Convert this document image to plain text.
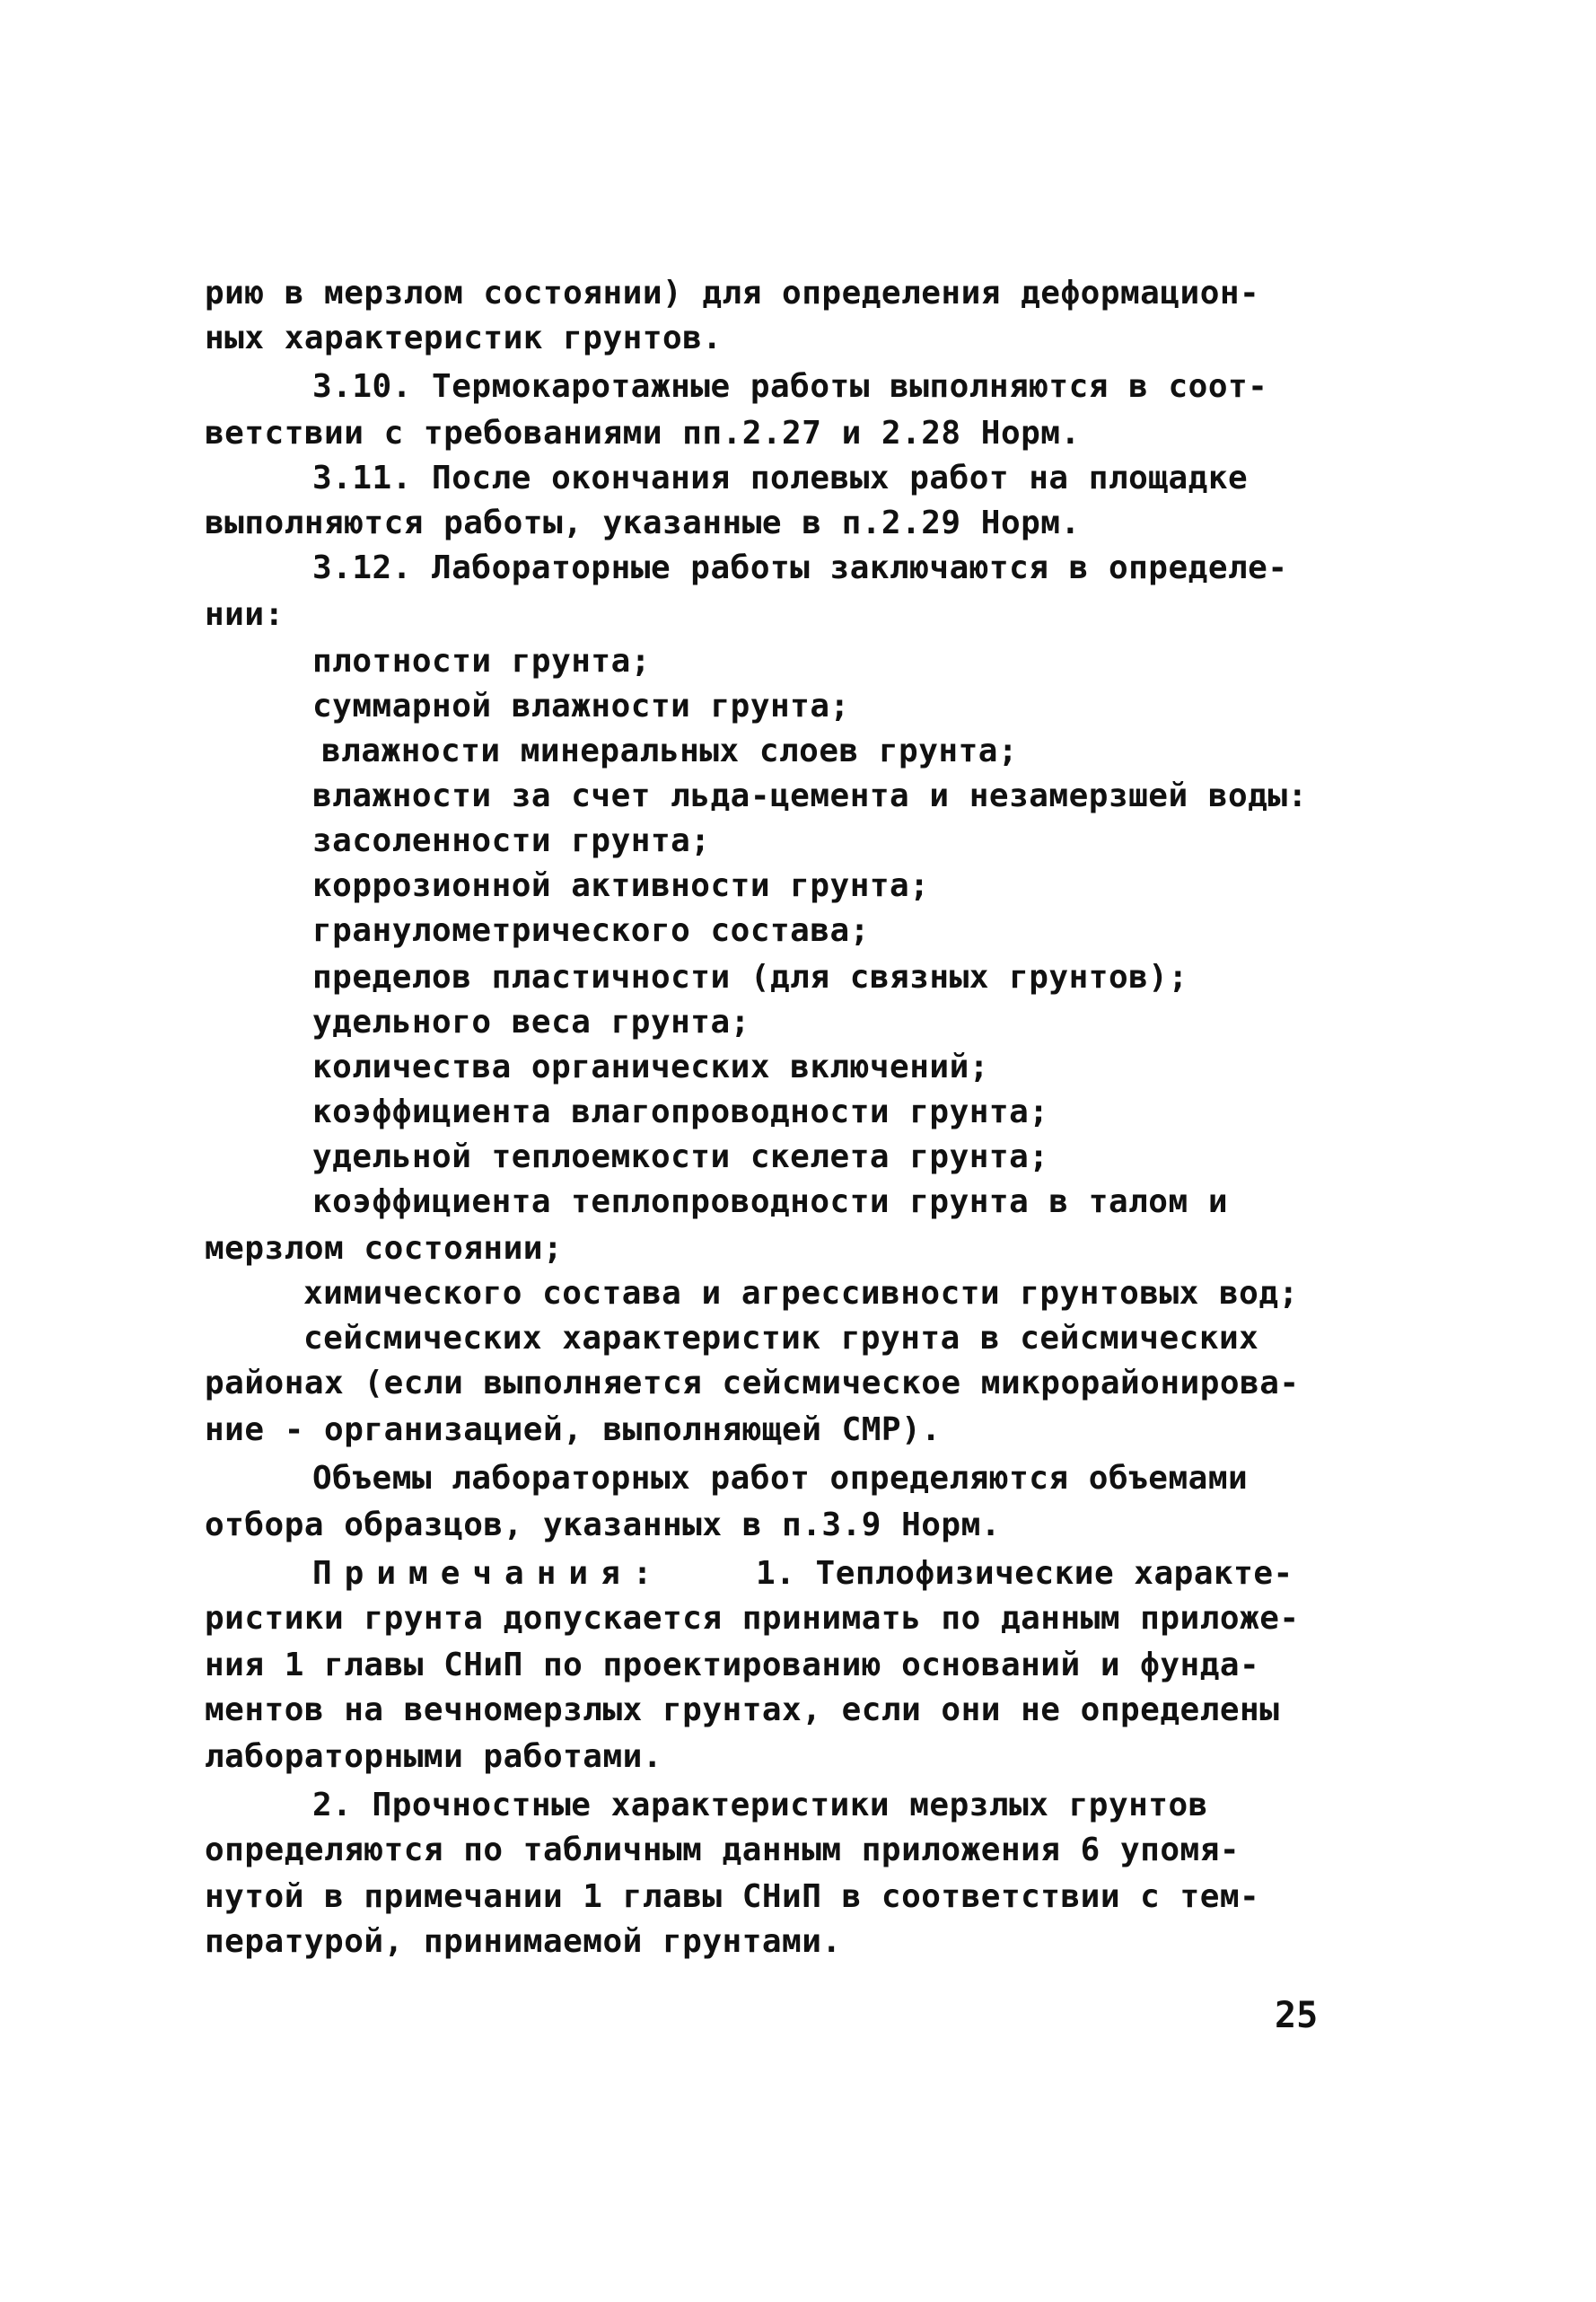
рию в мерзлом состоянии) для определения деформацион-
ных характеристик грунтов.
3.10. Термокаротажные работы выполняются в соот-
ветствии с требованиями пп.2.27 и 2.28 Норм.
3.11. После окончания полевых работ на площадке
выполняются работы, указанные в п.2.29 Норм.
3.12. Лабораторные работы заключаются в определе-
нии:
плотности грунта;
суммарной влажности грунта;
влажности минеральных слоев грунта;
влажности за счет льда-цемента и незамерзшей воды:
засоленности грунта;
коррозионной активности грунта;
гранулометрического состава;
пределов пластичности (для связных грунтов);
удельного веса грунта;
количества органических включений;
коэффициента влагопроводности грунта;
удельной теплоемкости скелета грунта;
коэффициента теплопроводности грунта в талом и
мерзлом состоянии;
химического состава и агрессивности грунтовых вод;
сейсмических характеристик грунта в сейсмических
районах (если выполняется сейсмическое микрорайонирова-
ние - организацией, выполняющей СМР).
Объемы лабораторных работ определяются объемами
отбора образцов, указанных в п.3.9 Норм.
Примечания:	1. Теплофизические характе-
ристики грунта допускается принимать по данным приложе-
ния 1 главы СНиП по проектированию оснований и фунда-
ментов на вечномерзлых грунтах, если они не определены
лабораторными работами.
2. Прочностные характеристики мерзлых грунтов
определяются по табличным данным приложения 6 упомя-
нутой в примечании 1 главы СНиП в соответствии с тем-
пературой, принимаемой грунтами.
25
